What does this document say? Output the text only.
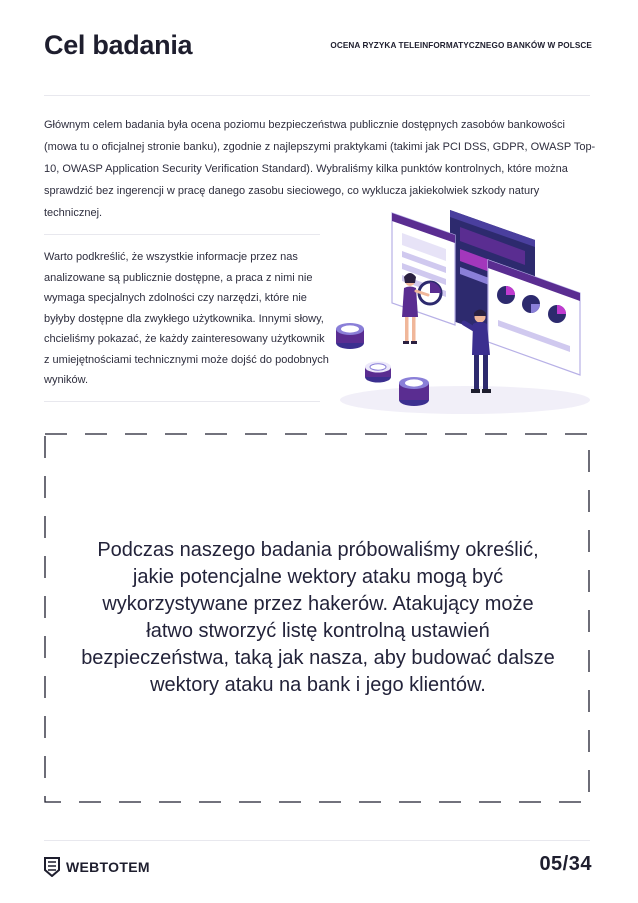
Cel badania	OCENA RYZYKA TELEINFORMATYCZNEGO BANKÓW W POLSCE

Głównym celem badania była ocena poziomu bezpieczeństwa publicznie dostępnych zasobów bankowości (mowa tu o oficjalnej stronie banku), zgodnie z najlepszymi praktykami (takimi jak PCI DSS, GDPR, OWASP Top-10, OWASP Application Security Verification Standard). Wybraliśmy kilka punktów kontrolnych, które można sprawdzić bez ingerencji w pracę danego zasobu sieciowego, co wyklucza jakiekolwiek szkody natury technicznej.

Warto podkreślić, że wszystkie informacje przez nas analizowane są publicznie dostępne, a praca z nimi nie wymaga specjalnych zdolności czy narzędzi, które nie byłyby dostępne dla zwykłego użytkownika. Innymi słowy, chcieliśmy pokazać, że każdy zainteresowany użytkownik z umiejętnościami technicznymi może dojść do podobnych wyników.

Podczas naszego badania próbowaliśmy określić, jakie potencjalne wektory ataku mogą być wykorzystywane przez hakerów. Atakujący może łatwo stworzyć listę kontrolną ustawień bezpieczeństwa, taką jak nasza, aby budować dalsze wektory ataku na bank i jego klientów.

WEBTOTEM	05/34
